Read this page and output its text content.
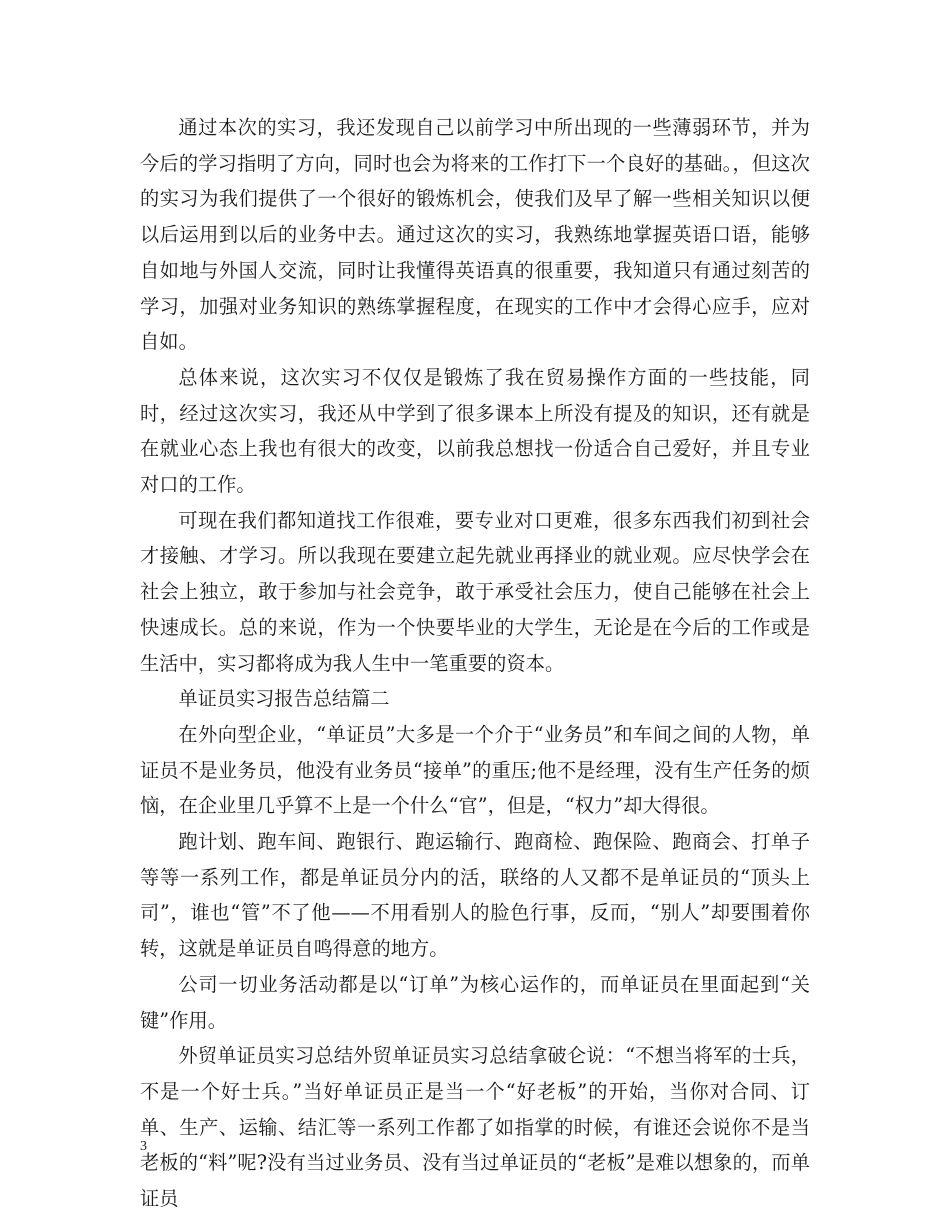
通过本次的实习，我还发现自己以前学习中所出现的一些薄弱环节，并为今后的学习指明了方向，同时也会为将来的工作打下一个良好的基础。，但这次的实习为我们提供了一个很好的锻炼机会，使我们及早了解一些相关知识以便以后运用到以后的业务中去。通过这次的实习，我熟练地掌握英语口语，能够自如地与外国人交流，同时让我懂得英语真的很重要，我知道只有通过刻苦的学习，加强对业务知识的熟练掌握程度，在现实的工作中才会得心应手，应对自如。

总体来说，这次实习不仅仅是锻炼了我在贸易操作方面的一些技能，同时，经过这次实习，我还从中学到了很多课本上所没有提及的知识，还有就是在就业心态上我也有很大的改变，以前我总想找一份适合自己爱好，并且专业对口的工作。

可现在我们都知道找工作很难，要专业对口更难，很多东西我们初到社会才接触、才学习。所以我现在要建立起先就业再择业的就业观。应尽快学会在社会上独立，敢于参加与社会竞争，敢于承受社会压力，使自己能够在社会上快速成长。总的来说，作为一个快要毕业的大学生，无论是在今后的工作或是生活中，实习都将成为我人生中一笔重要的资本。

单证员实习报告总结篇二

在外向型企业，“单证员”大多是一个介于“业务员”和车间之间的人物，单证员不是业务员，他没有业务员“接单”的重压;他不是经理，没有生产任务的烦恼，在企业里几乎算不上是一个什么“官”，但是，“权力”却大得很。

跑计划、跑车间、跑银行、跑运输行、跑商检、跑保险、跑商会、打单子等等一系列工作，都是单证员分内的活，联络的人又都不是单证员的“顶头上司”，谁也“管”不了他——不用看别人的脸色行事，反而，“别人”却要围着你转，这就是单证员自鸣得意的地方。

公司一切业务活动都是以“订单”为核心运作的，而单证员在里面起到“关键”作用。

外贸单证员实习总结外贸单证员实习总结拿破仑说：“不想当将军的士兵，不是一个好士兵。”当好单证员正是当一个“好老板”的开始，当你对合同、订单、生产、运输、结汇等一系列工作都了如指掌的时候，有谁还会说你不是当老板的“料”呢?没有当过业务员、没有当过单证员的“老板”是难以想象的，而单证员

3
